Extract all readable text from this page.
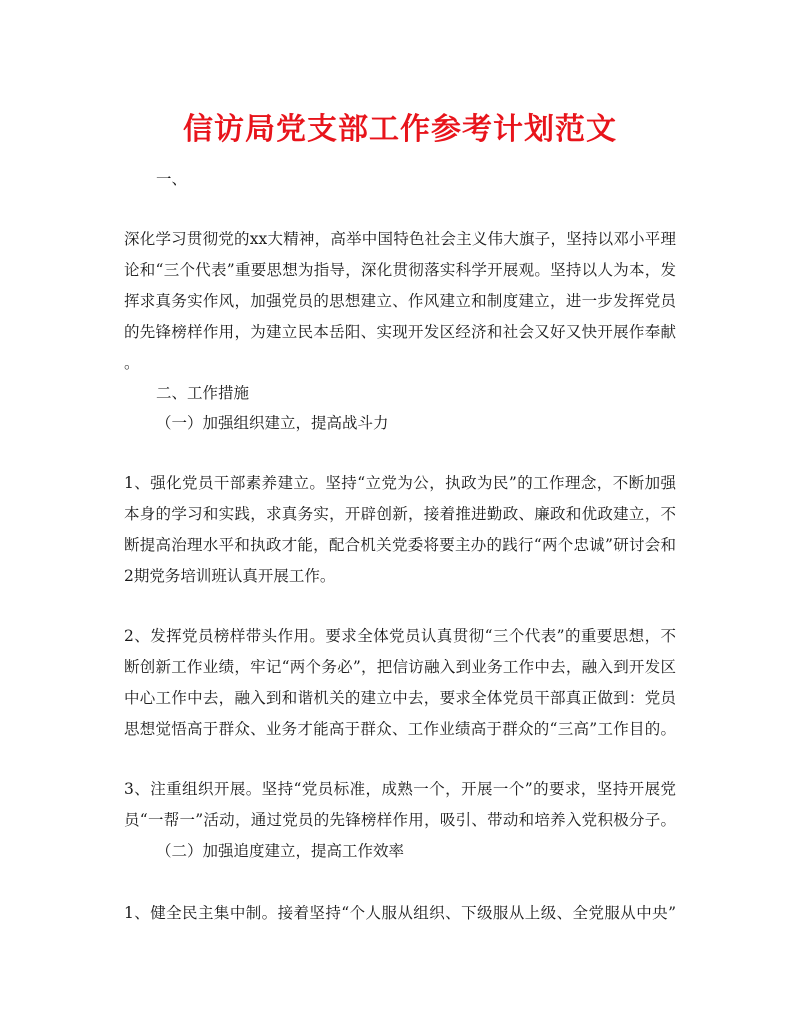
信访局党支部工作参考计划范文
一、
深化学习贯彻党的xx大精神，高举中国特色社会主义伟大旗子，坚持以邓小平理
论和“三个代表”重要思想为指导，深化贯彻落实科学开展观。坚持以人为本，发
挥求真务实作风，加强党员的思想建立、作风建立和制度建立，进一步发挥党员
的先锋榜样作用，为建立民本岳阳、实现开发区经济和社会又好又快开展作奉献
。
二、工作措施
（一）加强组织建立，提高战斗力
1、强化党员干部素养建立。坚持“立党为公，执政为民”的工作理念，不断加强
本身的学习和实践，求真务实，开辟创新，接着推进勤政、廉政和优政建立，不
断提高治理水平和执政才能，配合机关党委将要主办的践行“两个忠诚”研讨会和
2期党务培训班认真开展工作。
2、发挥党员榜样带头作用。要求全体党员认真贯彻“三个代表”的重要思想，不
断创新工作业绩，牢记“两个务必”，把信访融入到业务工作中去，融入到开发区
中心工作中去，融入到和谐机关的建立中去，要求全体党员干部真正做到：党员
思想觉悟高于群众、业务才能高于群众、工作业绩高于群众的“三高”工作目的。
3、注重组织开展。坚持“党员标准，成熟一个，开展一个”的要求，坚持开展党
员“一帮一”活动，通过党员的先锋榜样作用，吸引、带动和培养入党积极分子。
（二）加强追度建立，提高工作效率
1、健全民主集中制。接着坚持“个人服从组织、下级服从上级、全党服从中央”
